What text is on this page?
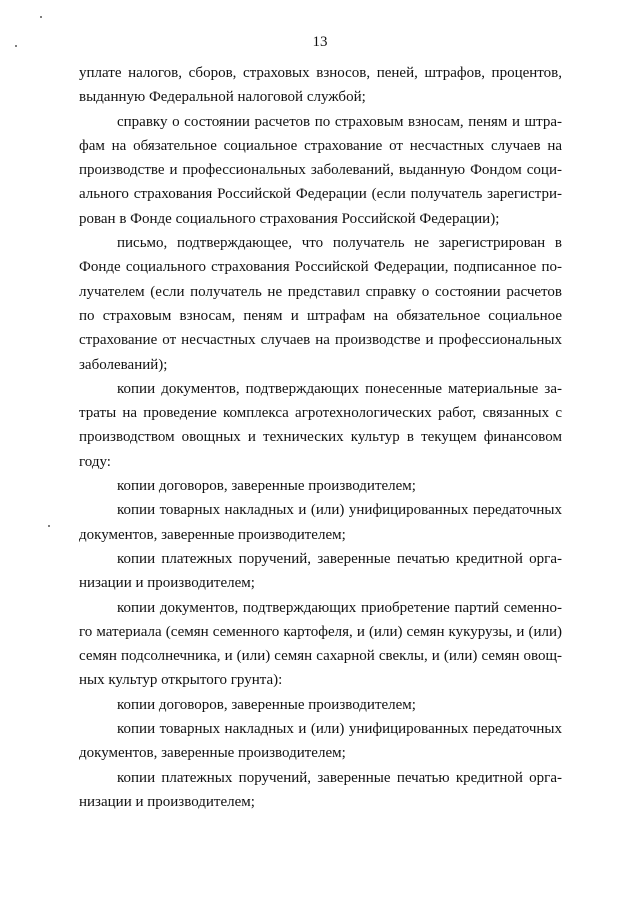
13

уплате налогов, сборов, страховых взносов, пеней, штрафов, процентов, выданную Федеральной налоговой службой;

справку о состоянии расчетов по страховым взносам, пеням и штрафам на обязательное социальное страхование от несчастных случаев на производстве и профессиональных заболеваний, выданную Фондом социального страхования Российской Федерации (если получатель зарегистрирован в Фонде социального страхования Российской Федерации);

письмо, подтверждающее, что получатель не зарегистрирован в Фонде социального страхования Российской Федерации, подписанное получателем (если получатель не представил справку о состоянии расчетов по страховым взносам, пеням и штрафам на обязательное социальное страхование от несчастных случаев на производстве и профессиональных заболеваний);

копии документов, подтверждающих понесенные материальные затраты на проведение комплекса агротехнологических работ, связанных с производством овощных и технических культур в текущем финансовом году:

копии договоров, заверенные производителем;

копии товарных накладных и (или) унифицированных передаточных документов, заверенные производителем;

копии платежных поручений, заверенные печатью кредитной организации и производителем;

копии документов, подтверждающих приобретение партий семенного материала (семян семенного картофеля, и (или) семян кукурузы, и (или) семян подсолнечника, и (или) семян сахарной свеклы, и (или) семян овощных культур открытого грунта):

копии договоров, заверенные производителем;

копии товарных накладных и (или) унифицированных передаточных документов, заверенные производителем;

копии платежных поручений, заверенные печатью кредитной организации и производителем;
